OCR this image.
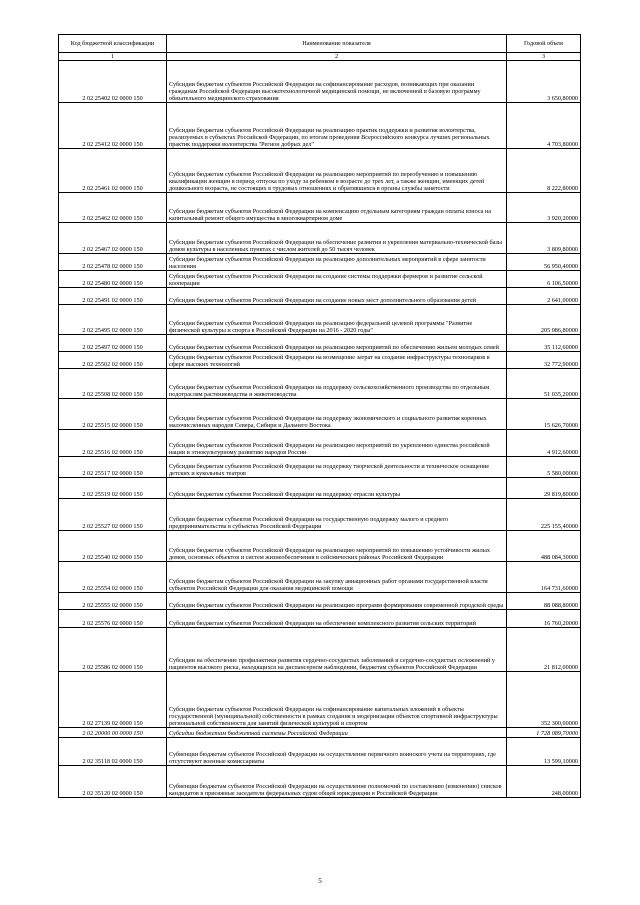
Код бюджетной классификации	Наименование показателя	Годовой объем
1	2	3
2 02 25402 02 0000 150	Субсидии бюджетам субъектов Российской Федерации на софинансирование расходов, возникающих при оказании гражданам Российской Федерации высокотехнологичной медицинской помощи, не включенной в базовую программу обязательного медицинского страхования	3 650,80000
2 02 25412 02 0000 150	Субсидии бюджетам субъектов Российской Федерации на реализацию практик поддержки и развития волонтерства, реализуемых в субъектах Российской Федерации, по итогам проведения Всероссийского конкурса лучших региональных практик поддержки волонтерства "Регион добрых дел"	4 703,80000
2 02 25461 02 0000 150	Субсидии бюджетам субъектов Российской Федерации на реализацию мероприятий по переобучению и повышению квалификации женщин в период отпуска по уходу за ребенком в возрасте до трех лет, а также женщин, имеющих детей дошкольного возраста, не состоящих в трудовых отношениях и обратившихся в органы службы занятости	8 222,80000
2 02 25462 02 0000 150	Субсидии бюджетам субъектов Российской Федерации на компенсацию отдельным категориям граждан оплаты взноса на капитальный ремонт общего имущества в многоквартирном доме	3 920,20000
2 02 25467 02 0000 150	Субсидии бюджетам субъектов Российской Федерации на обеспечение развития и укрепления материально-технической базы домов культуры в населенных пунктах с числом жителей до 50 тысяч человек	3 809,80000
2 02 25478 02 0000 150	Субсидии бюджетам субъектов Российской Федерации на реализацию дополнительных мероприятий в сфере занятости населения	56 950,40000
2 02 25480 02 0000 150	Субсидии бюджетам субъектов Российской Федерации на создание системы поддержки фермеров и развитие сельской кооперации	6 106,50000
2 02 25491 02 0000 150	Субсидии бюджетам субъектов Российской Федерации на создание новых мест дополнительного образования детей	2 641,00000
2 02 25495 02 0000 150	Субсидии бюджетам субъектов Российской Федерации на реализацию федеральной целевой программы "Развитие физической культуры и спорта в Российской Федерации на 2016 - 2020 годы"	205 086,80000
2 02 25497 02 0000 150	Субсидии бюджетам субъектов Российской Федерации на реализацию мероприятий по обеспечению жильем молодых семей	35 112,60000
2 02 25502 02 0000 150	Субсидии бюджетам субъектов Российской Федерации на возмещение затрат на создание инфраструктуры технопарков в сфере высоких технологий	32 772,90000
2 02 25508 02 0000 150	Субсидии бюджетам субъектов Российской Федерации на поддержку сельскохозяйственного производства по отдельным подотраслям растениеводства и животноводства	51 035,20000
2 02 25515 02 0000 150	Субсидии бюджетам субъектов Российской Федерации на поддержку экономического и социального развития коренных малочисленных народов Севера, Сибири и Дальнего Востока	15 626,70000
2 02 25516 02 0000 150	Субсидии бюджетам субъектов Российской Федерации на реализацию мероприятий по укреплению единства российской нации и этнокультурному развитию народов России	4 912,60000
2 02 25517 02 0000 150	Субсидии бюджетам субъектов Российской Федерации на поддержку творческой деятельности и техническое оснащение детских и кукольных театров	5 580,00000
2 02 25519 02 0000 150	Субсидии бюджетам субъектов Российской Федерации на поддержку отрасли культуры	29 819,80000
2 02 25527 02 0000 150	Субсидии бюджетам субъектов Российской Федерации на государственную поддержку малого и среднего предпринимательства в субъектах Российской Федерации	225 155,40000
2 02 25540 02 0000 150	Субсидии бюджетам субъектов Российской Федерации на реализацию мероприятий по повышению устойчивости жилых домов, основных объектов и систем жизнеобеспечения в сейсмических районах Российской Федерации	488 084,30000
2 02 25554 02 0000 150	Субсидии бюджетам субъектов Российской Федерации на закупку авиационных работ органами государственной власти субъектов Российской Федерации для оказания медицинской помощи	164 731,60000
2 02 25555 02 0000 150	Субсидии бюджетам субъектов Российской Федерации на реализацию программ формирования современной городской среды	88 088,80000
2 02 25576 02 0000 150	Субсидии бюджетам субъектов Российской Федерации на обеспечение комплексного развития сельских территорий	16 760,20000
2 02 25586 02 0000 150	Субсидии на обеспечение профилактики развития сердечно-сосудистых заболеваний и сердечно-сосудистых осложнений у пациентов высокого риска, находящихся на диспансерном наблюдении, бюджетам субъектов Российской Федерации	21 812,00000
2 02 27139 02 0000 150	Субсидии бюджетам субъектов Российской Федерации на софинансирование капитальных вложений в объекты государственной (муниципальной) собственности в рамках создания и модернизации объектов спортивной инфраструктуры региональной собственности для занятий физической культурой и спортом	352 300,00000
2 02 20000 00 0000 150	Субсидии бюджетам бюджетной системы Российской Федерации	1 728 089,70000
2 02 35118 02 0000 150	Субвенции бюджетам субъектов Российской Федерации на осуществление первичного воинского учета на территориях, где отсутствуют военные комиссариаты	13 599,10000
2 02 35120 02 0000 150	Субвенции бюджетам субъектов Российской Федерации на осуществление полномочий по составлению (изменению) списков кандидатов в присяжные заседатели федеральных судов общей юрисдикции в Российской Федерации	248,00000
5
